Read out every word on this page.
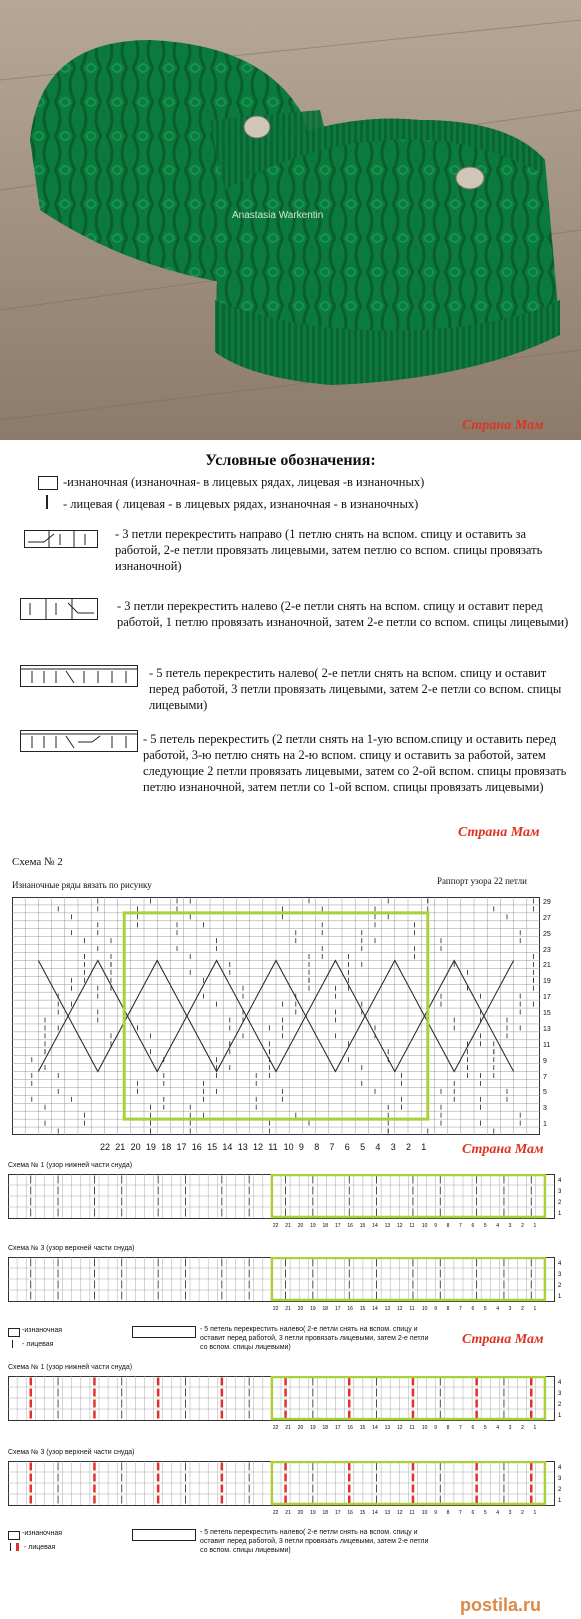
Anastasia Warkentin
Страна Мам
Условные обозначения:
-изнаночная (изнаночная- в лицевых рядах, лицевая -в изнаночных)
- лицевая ( лицевая - в лицевых рядах, изнаночная - в изнаночных)
- 3 петли перекрестить направо (1 петлю снять на вспом. спицу и оставить за работой, 2-е петли провязать лицевыми, затем петлю со вспом. спицы провязать изнаночной)
- 3 петли перекрестить налево (2-е петли снять на вспом. спицу и оставит перед работой, 1 петлю провязать изнаночной, затем 2-е петли со вспом. спицы лицевыми)
- 5 петель перекрестить налево( 2-е петли снять на вспом. спицу и оставит перед работой, 3 петли провязать лицевыми, затем 2-е петли со вспом. спицы лицевыми)
- 5 петель перекрестить (2 петли снять на 1-ую вспом.спицу и оставить перед работой, 3-ю петлю снять на 2-ю вспом. спицу и оставить за работой, затем следующие 2 петли провязать лицевыми, затем со 2-ой вспом. спицы провязать петлю изнаночной, затем петли со 1-ой вспом. спицы провязать лицевыми)
Страна Мам
Схема № 2
Изнаночные ряды вязать по рисунку	Раппорт узора 22 петли
29
27
25
23
21
19
17
15
13
11
9
7
5
3
1
22 21 20 19 18 17 16 15 14 13 12 11 10 9 8 7 6 5 4 3 2 1	Страна Мам
Схема № 1 (узор нижней части снуда)
4
3
2
1
22 21 20 19 18 17 16 15 14 13 12 11 10 9 8 7 6 5 4 3 2 1
Схема № 3 (узор верхней части снуда)
4
3
2
1
22 21 20 19 18 17 16 15 14 13 12 11 10 9 8 7 6 5 4 3 2 1
-изнаночная
- лицевая
- 5 петель перекрестить налево( 2-е петли снять на вспом. спицу и оставит перед работой, 3 петли провязать лицевыми, затем 2-е петли со вспом. спицы лицевыми)
Страна Мам
Схема № 1 (узор нижней части снуда)
4
3
2
1
22 21 20 19 18 17 16 15 14 13 12 11 10 9 8 7 6 5 4 3 2 1
Схема № 3 (узор верхней части снуда)
4
3
2
1
22 21 20 19 18 17 16 15 14 13 12 11 10 9 8 7 6 5 4 3 2 1
-изнаночная
- лицевая
- 5 петель перекрестить налево( 2-е петли снять на вспом. спицу и оставит перед работой, 3 петли провязать лицевыми, затем 2-е петли со вспом. спицы лицевыми)
postila.ru
